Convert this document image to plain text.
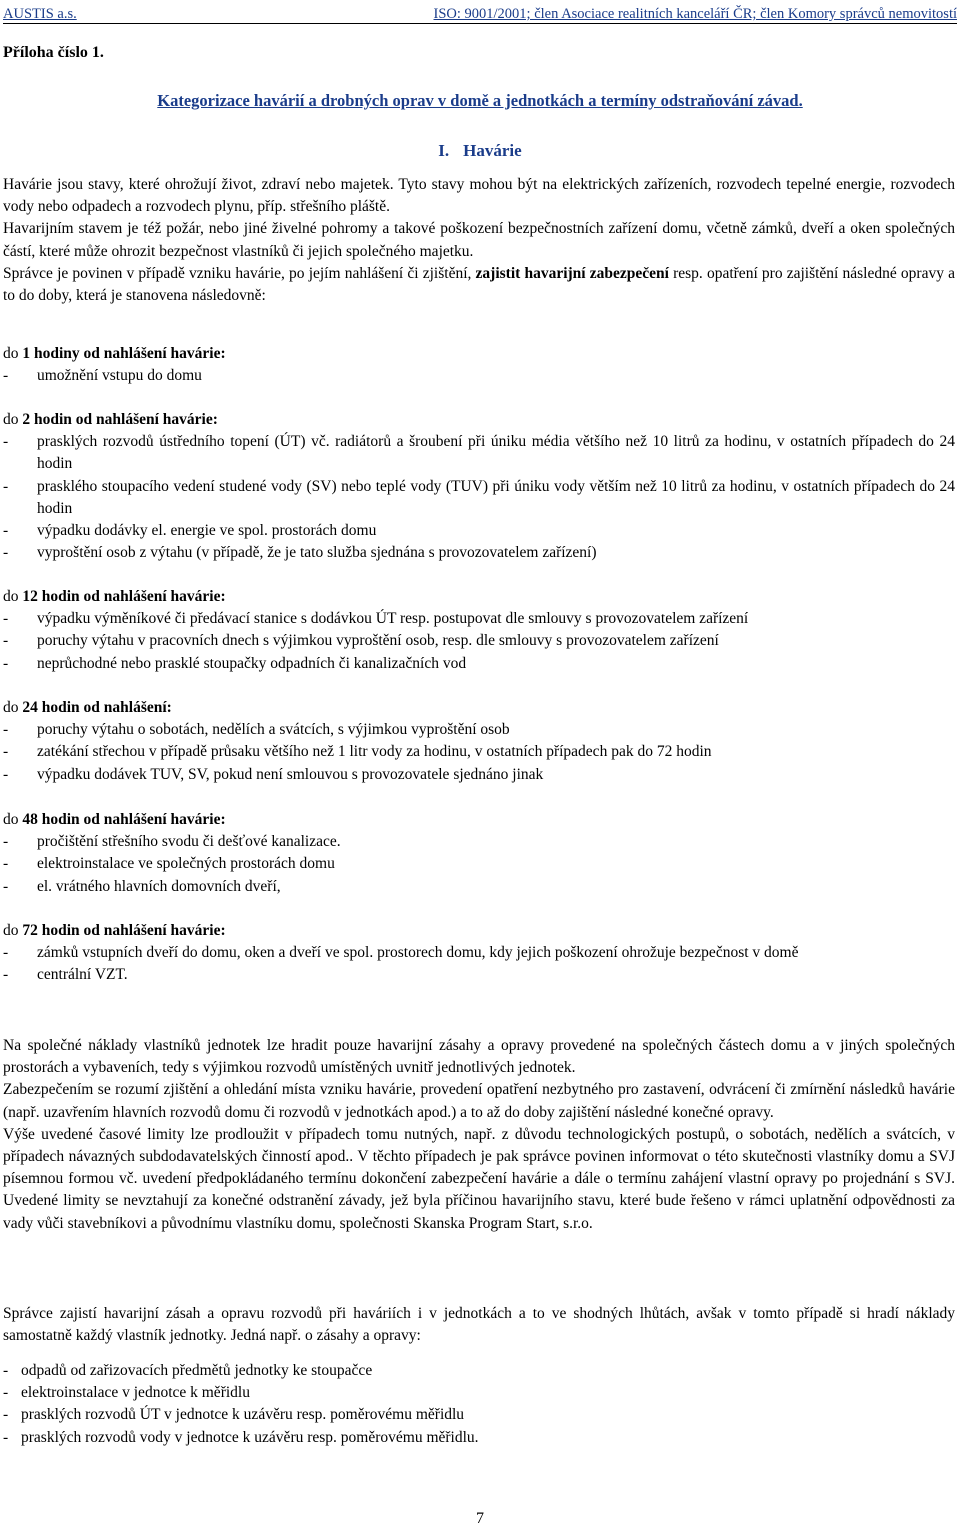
AUSTIS a.s.	ISO: 9001/2001; člen Asociace realitních kanceláří ČR; člen Komory správců nemovitostí
Příloha číslo 1.
Kategorizace havárií a drobných oprav v domě a jednotkách a termíny odstraňování závad.
I. Havárie

Havárie jsou stavy, které ohrožují život, zdraví nebo majetek. Tyto stavy mohou být na elektrických zařízeních, rozvodech tepelné energie, rozvodech vody nebo odpadech a rozvodech plynu, příp. střešního pláště.

Havarijním stavem je též požár, nebo jiné živelné pohromy a takové poškození bezpečnostních zařízení domu, včetně zámků, dveří a oken společných částí, které může ohrozit bezpečnost vlastníků či jejich společného majetku.

Správce je povinen v případě vzniku havárie, po jejím nahlášení či zjištění, zajistit havarijní zabezpečení resp. opatření pro zajištění následné opravy a to do doby, která je stanovena následovně:

do 1 hodiny od nahlášení havárie:

- umožnění vstupu do domu

do 2 hodin od nahlášení havárie:

- prasklých rozvodů ústředního topení (ÚT) vč. radiátorů a šroubení při úniku média většího než 10 litrů za hodinu, v ostatních případech do 24 hodin
- prasklého stoupacího vedení studené vody (SV) nebo teplé vody (TUV) při úniku vody větším než 10 litrů za hodinu, v ostatních případech do 24 hodin
- výpadku dodávky el. energie ve spol. prostorách domu
- vyproštění osob z výtahu (v případě, že je tato služba sjednána s provozovatelem zařízení)

do 12 hodin od nahlášení havárie:

- výpadku výměníkové či předávací stanice s dodávkou ÚT resp. postupovat dle smlouvy s provozovatelem zařízení
- poruchy výtahu v pracovních dnech s výjimkou vyproštění osob, resp. dle smlouvy s provozovatelem zařízení
- neprůchodné nebo prasklé stoupačky odpadních či kanalizačních vod

do 24 hodin od nahlášení:

- poruchy výtahu o sobotách, nedělích a svátcích, s výjimkou vyproštění osob
- zatékání střechou v případě průsaku většího než 1 litr vody za hodinu, v ostatních případech pak do 72 hodin
- výpadku dodávek TUV, SV, pokud není smlouvou s provozovatele sjednáno jinak

do 48 hodin od nahlášení havárie:

- pročištění střešního svodu či dešťové kanalizace.
- elektroinstalace ve společných prostorách domu
- el. vrátného hlavních domovních dveří,

do 72 hodin od nahlášení havárie:

- zámků vstupních dveří do domu, oken a dveří ve spol. prostorech domu, kdy jejich poškození ohrožuje bezpečnost v domě
- centrální VZT.

Na společné náklady vlastníků jednotek lze hradit pouze havarijní zásahy a opravy provedené na společných částech domu a v jiných společných prostorách a vybaveních, tedy s výjimkou rozvodů umístěných uvnitř jednotlivých jednotek.

Zabezpečením se rozumí zjištění a ohledání místa vzniku havárie, provedení opatření nezbytného pro zastavení, odvrácení či zmírnění následků havárie (např. uzavřením hlavních rozvodů domu či rozvodů v jednotkách apod.) a to až do doby zajištění následné konečné opravy.

Výše uvedené časové limity lze prodloužit v případech tomu nutných, např. z důvodu technologických postupů, o sobotách, nedělích a svátcích, v případech návazných subdodavatelských činností apod.. V těchto případech je pak správce povinen informovat o této skutečnosti vlastníky domu a SVJ písemnou formou vč. uvedení předpokládaného termínu dokončení zabezpečení havárie a dále o termínu zahájení vlastní opravy po projednání s SVJ. Uvedené limity se nevztahují za konečné odstranění závady, jež byla příčinou havarijního stavu, které bude řešeno v rámci uplatnění odpovědnosti za vady vůči stavebníkovi a původnímu vlastníku domu, společnosti Skanska Program Start, s.r.o.

Správce zajistí havarijní zásah a opravu rozvodů při haváriích i v jednotkách a to ve shodných lhůtách, avšak v tomto případě si hradí náklady samostatně každý vlastník jednotky. Jedná např. o zásahy a opravy:

- odpadů od zařizovacích předmětů jednotky ke stoupačce
- elektroinstalace v jednotce k měřidlu
- prasklých rozvodů ÚT v jednotce k uzávěru resp. poměrovému měřidlu
- prasklých rozvodů vody v jednotce k uzávěru resp. poměrovému měřidlu.
7
